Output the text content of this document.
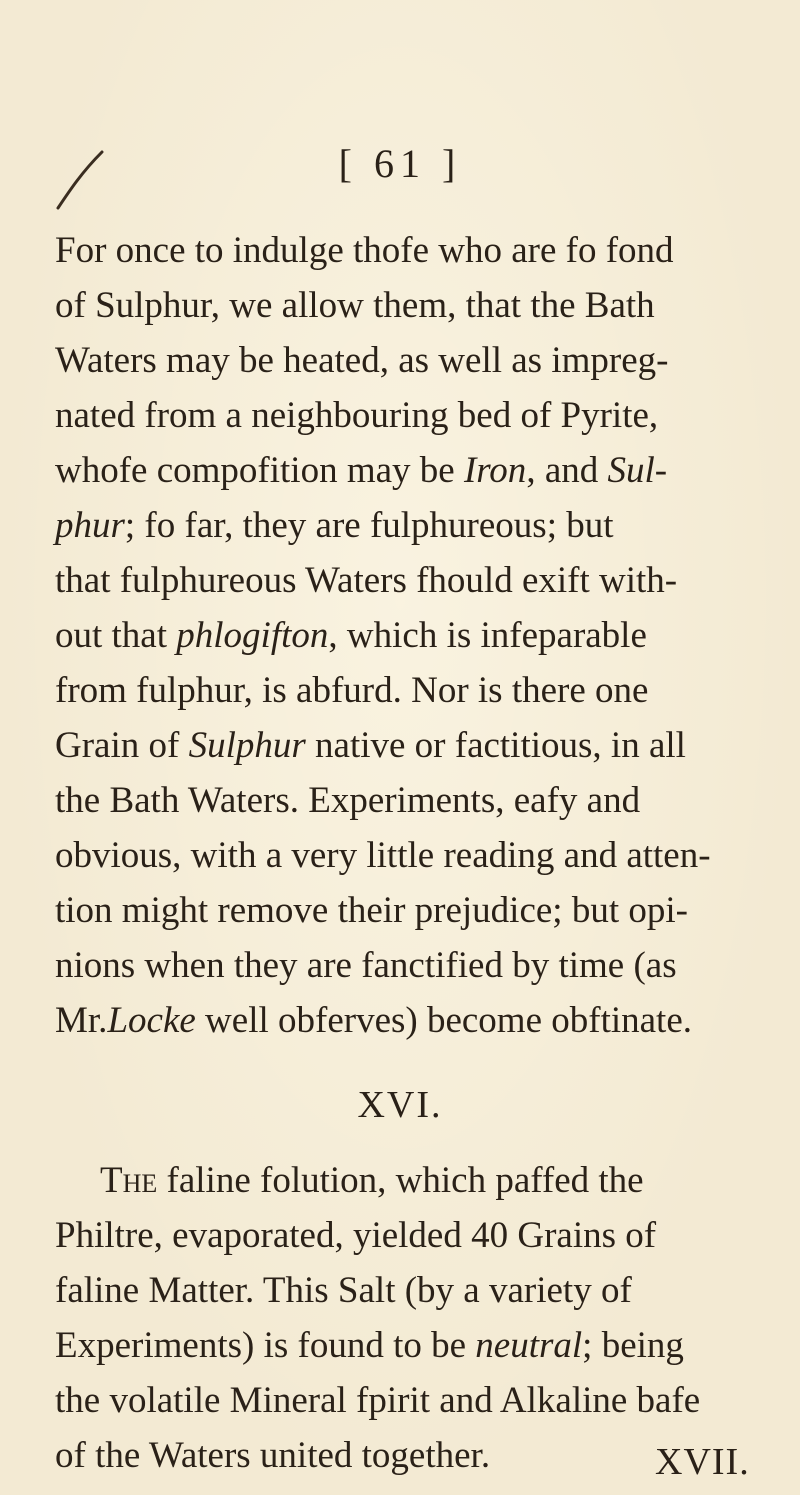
[ 61 ]
For once to indulge thofe who are fo fond
of Sulphur, we allow them, that the Bath
Waters may be heated, as well as impreg-
nated from a neighbouring bed of Pyrite,
whofe compofition may be Iron, and Sul-
phur; fo far, they are fulphureous; but
that fulphureous Waters fhould exift with-
out that phlogifton, which is infeparable
from fulphur, is abfurd. Nor is there one
Grain of Sulphur native or factitious, in all
the Bath Waters. Experiments, eafy and
obvious, with a very little reading and atten-
tion might remove their prejudice; but opi-
nions when they are fanctified by time (as
Mr.Locke well obferves) become obftinate.
XVI.
The faline folution, which paffed the
Philtre, evaporated, yielded 40 Grains of
faline Matter. This Salt (by a variety of
Experiments) is found to be neutral; being
the volatile Mineral fpirit and Alkaline bafe
of the Waters united together.	XVII.
